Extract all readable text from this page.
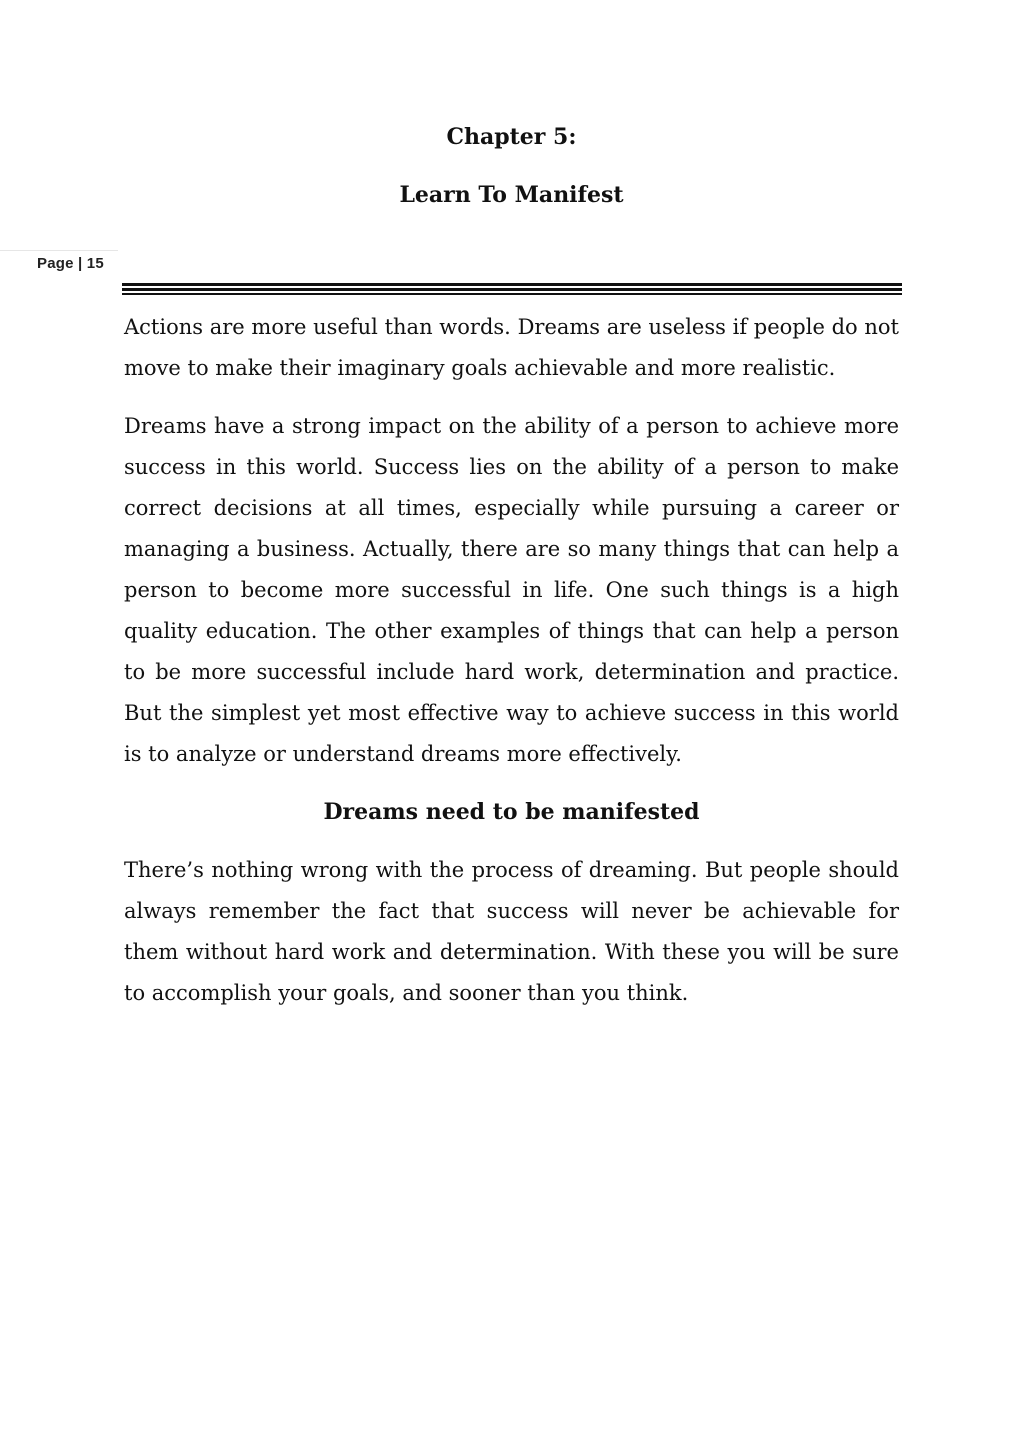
Chapter 5:
Learn To Manifest
Page | 15

Actions are more useful than words. Dreams are useless if people do not move to make their imaginary goals achievable and more realistic.

Dreams have a strong impact on the ability of a person to achieve more success in this world. Success lies on the ability of a person to make correct decisions at all times, especially while pursuing a career or managing a business. Actually, there are so many things that can help a person to become more successful in life. One such things is a high quality education. The other examples of things that can help a person to be more successful include hard work, determination and practice. But the simplest yet most effective way to achieve success in this world is to analyze or understand dreams more effectively.

Dreams need to be manifested

There’s nothing wrong with the process of dreaming. But people should always remember the fact that success will never be achievable for them without hard work and determination. With these you will be sure to accomplish your goals, and sooner than you think.
